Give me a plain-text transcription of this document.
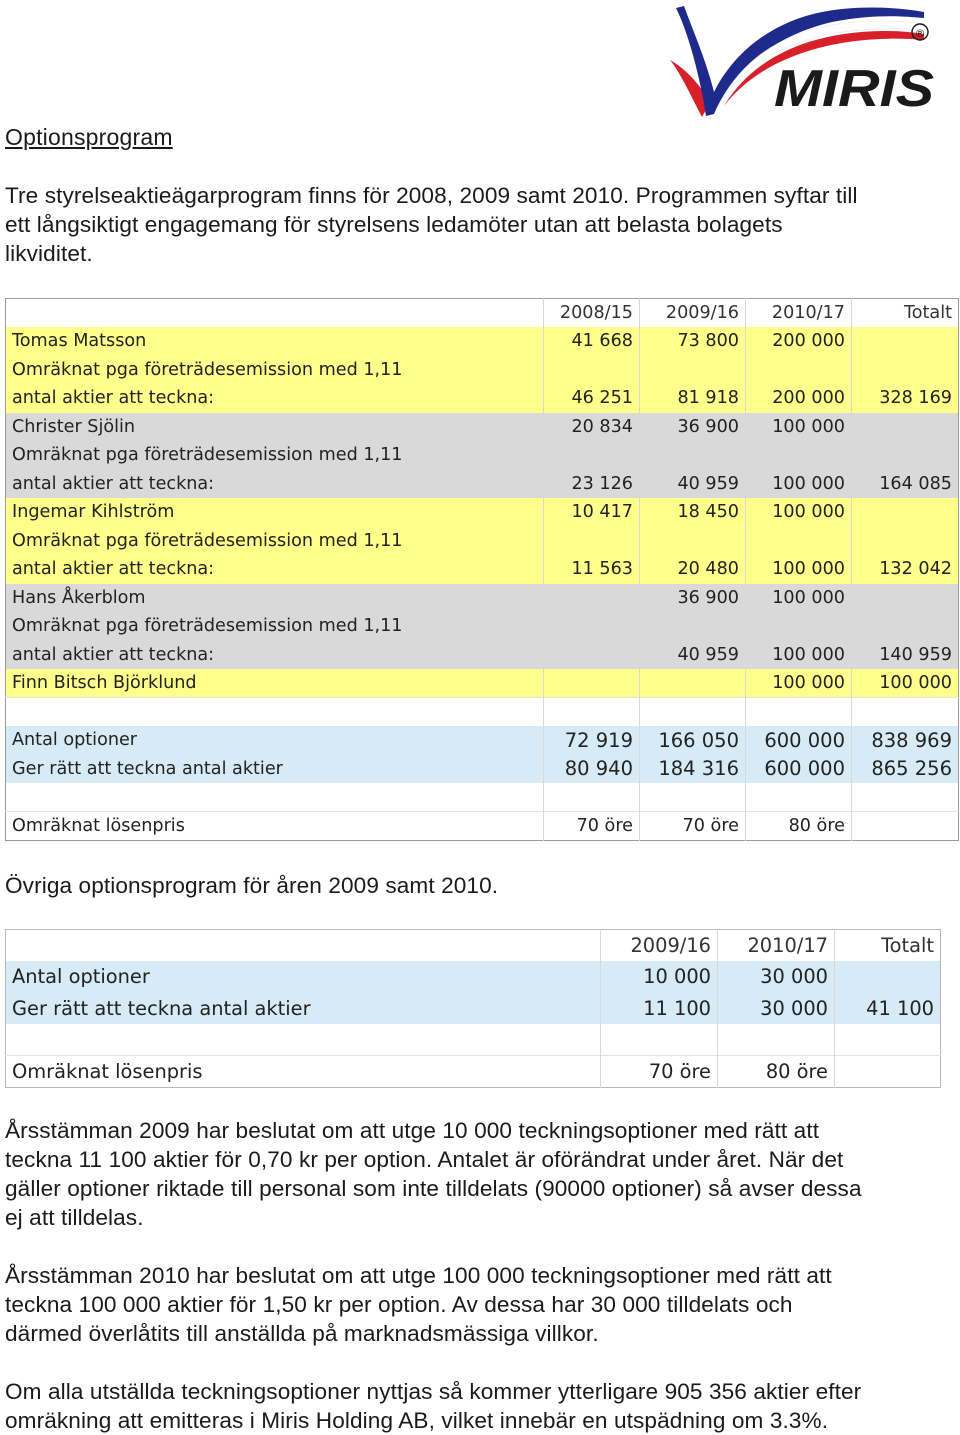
MIRIS
®
Optionsprogram
Tre styrelseaktieägarprogram finns för 2008, 2009 samt 2010. Programmen syftar till
ett långsiktigt engagemang för styrelsens ledamöter utan att belasta bolagets
likviditet.
	2008/15	2009/16	2010/17	Totalt
Tomas Matsson	41 668	73 800	200 000	
Omräknat pga företrädesemission med 1,11				
antal aktier att teckna:	46 251	81 918	200 000	328 169
Christer Sjölin	20 834	36 900	100 000	
Omräknat pga företrädesemission med 1,11				
antal aktier att teckna:	23 126	40 959	100 000	164 085
Ingemar Kihlström	10 417	18 450	100 000	
Omräknat pga företrädesemission med 1,11				
antal aktier att teckna:	11 563	20 480	100 000	132 042
Hans Åkerblom		36 900	100 000	
Omräknat pga företrädesemission med 1,11				
antal aktier att teckna:		40 959	100 000	140 959
Finn Bitsch Björklund			100 000	100 000

Antal optioner	72 919	166 050	600 000	838 969
Ger rätt att teckna antal aktier	80 940	184 316	600 000	865 256

Omräknat lösenpris	70 öre	70 öre	80 öre	
Övriga optionsprogram för åren 2009 samt 2010.
	2009/16	2010/17	Totalt
Antal optioner	10 000	30 000	
Ger rätt att teckna antal aktier	11 100	30 000	41 100

Omräknat lösenpris	70 öre	80 öre	
Årsstämman 2009 har beslutat om att utge 10 000 teckningsoptioner med rätt att
teckna 11 100 aktier för 0,70 kr per option. Antalet är oförändrat under året. När det
gäller optioner riktade till personal som inte tilldelats (90000 optioner) så avser dessa
ej att tilldelas.
Årsstämman 2010 har beslutat om att utge 100 000 teckningsoptioner med rätt att
teckna 100 000 aktier för 1,50 kr per option. Av dessa har 30 000 tilldelats och
därmed överlåtits till anställda på marknadsmässiga villkor.
Om alla utställda teckningsoptioner nyttjas så kommer ytterligare 905 356 aktier efter
omräkning att emitteras i Miris Holding AB, vilket innebär en utspädning om 3.3%.
